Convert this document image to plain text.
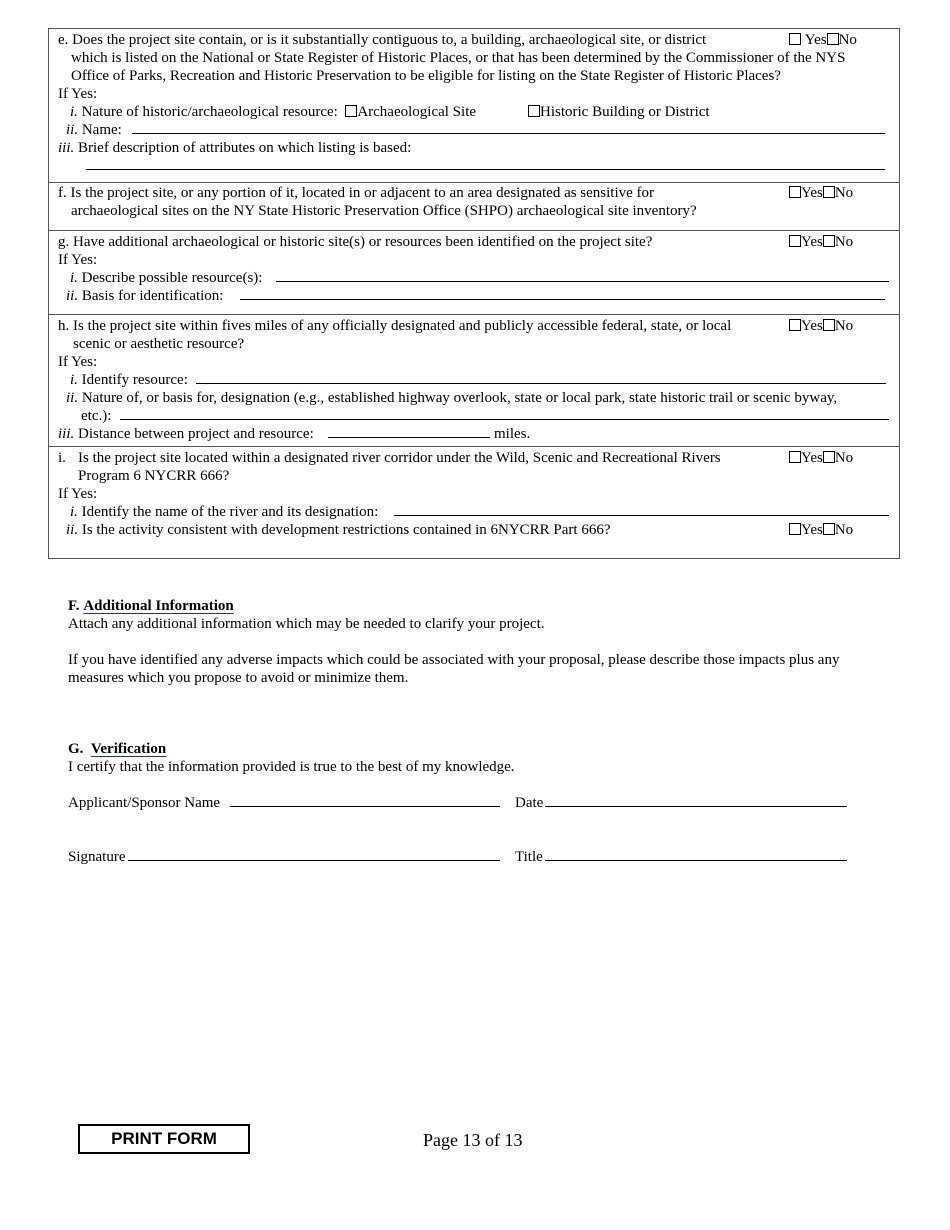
e. Does the project site contain, or is it substantially contiguous to, a building, archaeological site, or district	Yes No
which is listed on the National or State Register of Historic Places, or that has been determined by the Commissioner of the NYS
Office of Parks, Recreation and Historic Preservation to be eligible for listing on the State Register of Historic Places?
If Yes:
i. Nature of historic/archaeological resource: Archaeological Site	Historic Building or District
ii. Name:
iii. Brief description of attributes on which listing is based:
f. Is the project site, or any portion of it, located in or adjacent to an area designated as sensitive for	Yes No
archaeological sites on the NY State Historic Preservation Office (SHPO) archaeological site inventory?
g. Have additional archaeological or historic site(s) or resources been identified on the project site?	Yes No
If Yes:
i. Describe possible resource(s):
ii. Basis for identification:
h. Is the project site within fives miles of any officially designated and publicly accessible federal, state, or local	Yes No
scenic or aesthetic resource?
If Yes:
i. Identify resource:
ii. Nature of, or basis for, designation (e.g., established highway overlook, state or local park, state historic trail or scenic byway,
etc.):
iii. Distance between project and resource:	miles.
i. Is the project site located within a designated river corridor under the Wild, Scenic and Recreational Rivers	Yes No
Program 6 NYCRR 666?
If Yes:
i. Identify the name of the river and its designation:
ii. Is the activity consistent with development restrictions contained in 6NYCRR Part 666?	Yes No
F. Additional Information
Attach any additional information which may be needed to clarify your project.
If you have identified any adverse impacts which could be associated with your proposal, please describe those impacts plus any
measures which you propose to avoid or minimize them.
G. Verification
I certify that the information provided is true to the best of my knowledge.
Applicant/Sponsor Name	Date
Signature	Title
PRINT FORM	Page 13 of 13
